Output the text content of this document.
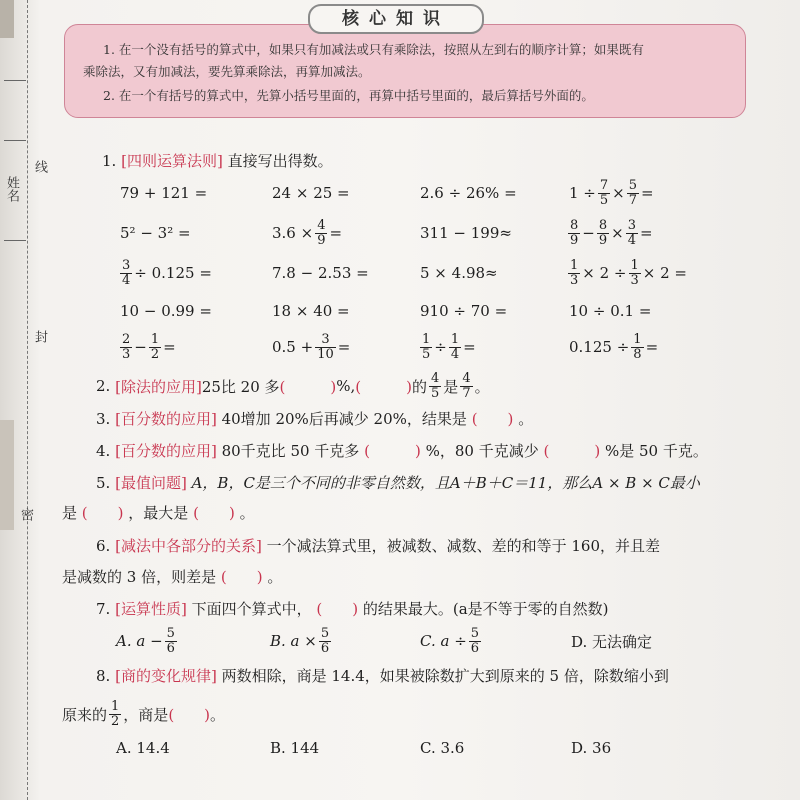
姓名
线
封
密

1. 在一个没有括号的算式中，如果只有加减法或只有乘除法，按照从左到右的顺序计算；如果既有

乘除法，又有加减法，要先算乘除法，再算加减法。

2. 在一个有括号的算式中，先算小括号里面的，再算中括号里面的，最后算括号外面的。

核心知识
1. [四则运算法则] 直接写出得数。
79 + 121 =	24 × 25 =	2.6 ÷ 26% =	$1 \div \frac{7}{5} \times \frac{5}{7}$ =
5² − 3² =	$3.6 \times \frac{4}{9}$ =	311 − 199≈	$\frac{8}{9} - \frac{8}{9} \times \frac{3}{4}$ =
$\frac{3}{4} \div 0.125$ =	7.8 − 2.53 =	5 × 4.98≈	$\frac{1}{3} \times 2 \div \frac{1}{3} \times 2$ =
10 − 0.99 =	18 × 40 =	910 ÷ 70 =	10 ÷ 0.1 =
$\frac{2}{3} - \frac{1}{2}$ =	$0.5 + \frac{3}{10}$ =	$\frac{1}{5} \div \frac{1}{4}$ =	$0.125 \div \frac{1}{8}$ =
2.
[除法的应用] 25比 20 多 (　　　) %, (　　　) 的 $\frac{4}{5}$ 是 $\frac{4}{7}$ 。
3. [百分数的应用] 40增加 20%后再减少 20%，结果是 (　　) 。
4. [百分数的应用] 80千克比 50 千克多 (　　　) %，80 千克减少 (　　　) %是 50 千克。
5. [最值问题] A，B，C是三个不同的非零自然数，且A＋B＋C＝11，那么A × B × C最小
是 (　　) ，最大是 (　　) 。
6. [减法中各部分的关系] 一个减法算式里，被减数、减数、差的和等于 160，并且差
是减数的 3 倍，则差是 (　　) 。
7. [运算性质] 下面四个算式中， (　　) 的结果最大。(a是不等于零的自然数)
A. $a - \frac{5}{6}$	B. $a \times \frac{5}{6}$	C. $a \div \frac{5}{6}$	D. 无法确定
8. [商的变化规律] 两数相除，商是 14.4，如果被除数扩大到原来的 5 倍，除数缩小到
原来的 $\frac{1}{2}$ ，商是 (　　) 。
A. 14.4	B. 144	C. 3.6	D. 36
